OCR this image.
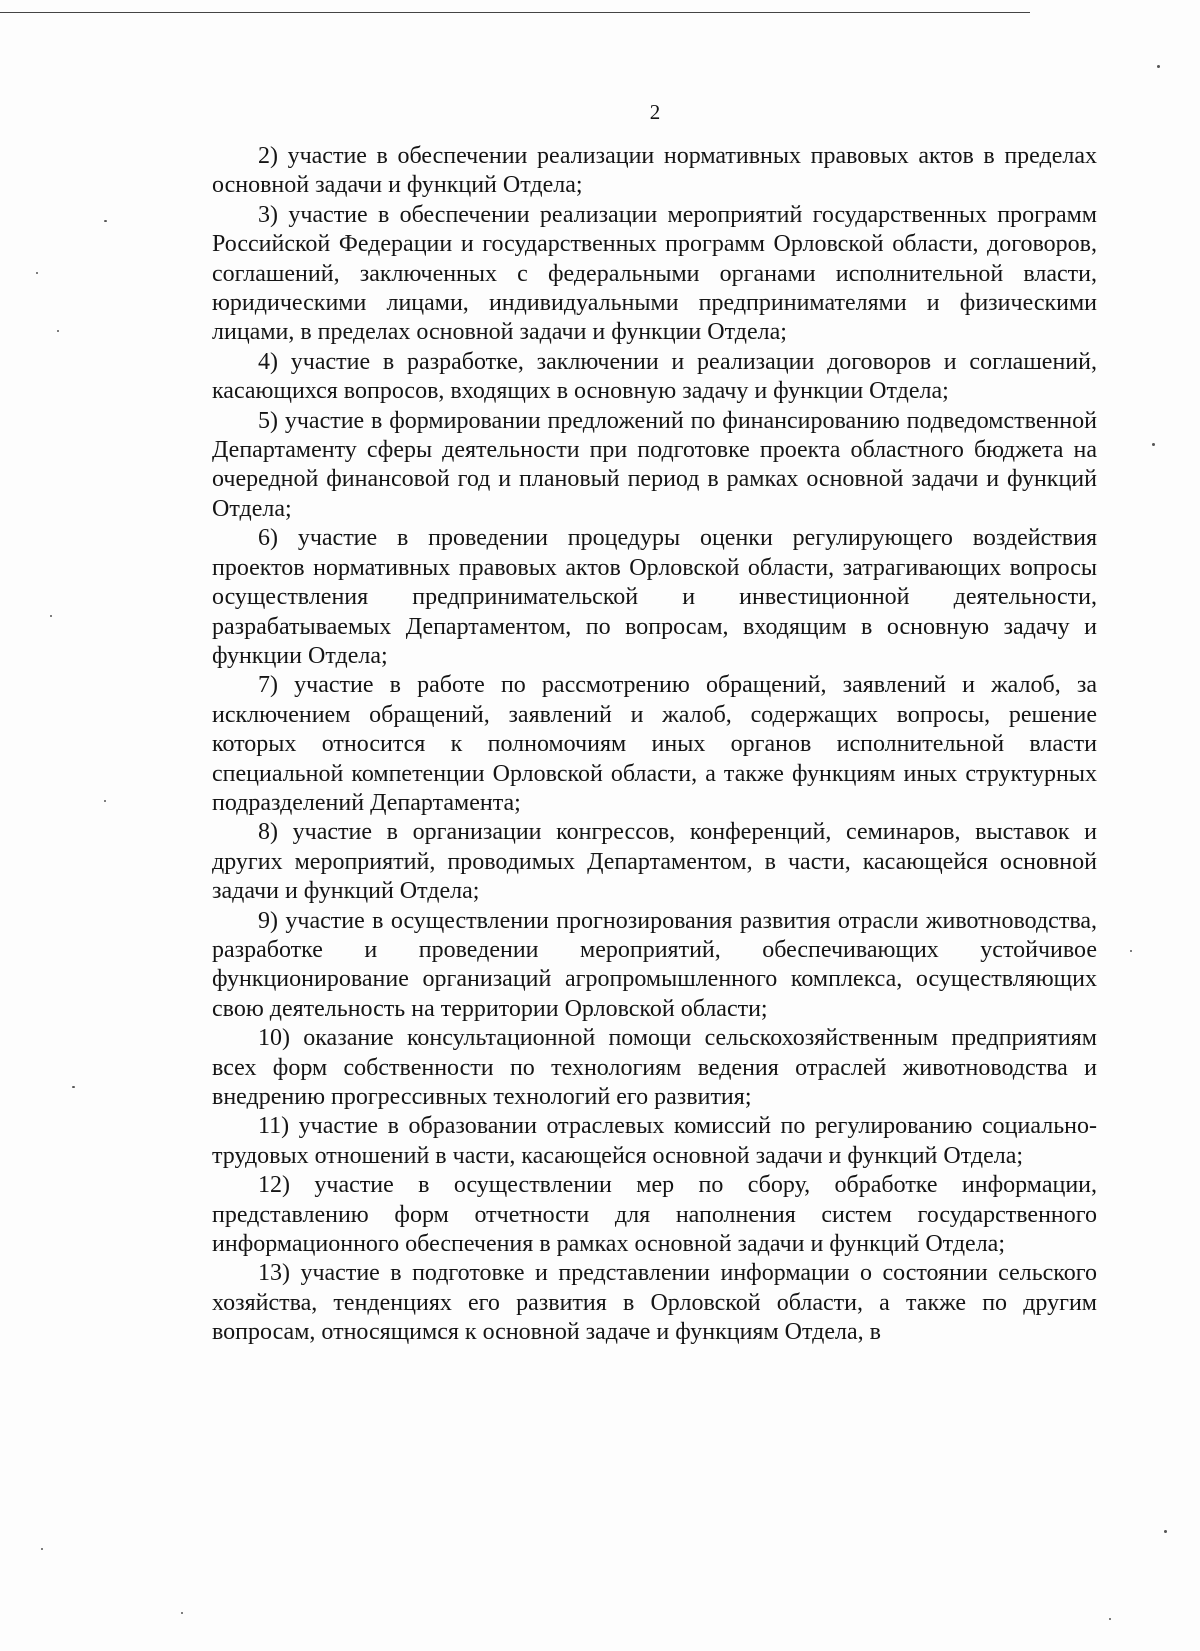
2

2) участие в обеспечении реализации нормативных правовых актов в пределах основной задачи и функций Отдела;

3) участие в обеспечении реализации мероприятий государственных программ Российской Федерации и государственных программ Орловской области, договоров, соглашений, заключенных с федеральными органами исполнительной власти, юридическими лицами, индивидуальными предпринимателями и физическими лицами, в пределах основной задачи и функции Отдела;

4) участие в разработке, заключении и реализации договоров и соглашений, касающихся вопросов, входящих в основную задачу и функции Отдела;

5) участие в формировании предложений по финансированию подведомственной Департаменту сферы деятельности при подготовке проекта областного бюджета на очередной финансовой год и плановый период в рамках основной задачи и функций Отдела;

6) участие в проведении процедуры оценки регулирующего воздействия проектов нормативных правовых актов Орловской области, затрагивающих вопросы осуществления предпринимательской и инвестиционной деятельности, разрабатываемых Департаментом, по вопросам, входящим в основную задачу и функции Отдела;

7) участие в работе по рассмотрению обращений, заявлений и жалоб, за исключением обращений, заявлений и жалоб, содержащих вопросы, решение которых относится к полномочиям иных органов исполнительной власти специальной компетенции Орловской области, а также функциям иных структурных подразделений Департамента;

8) участие в организации конгрессов, конференций, семинаров, выставок и других мероприятий, проводимых Департаментом, в части, касающейся основной задачи и функций Отдела;

9) участие в осуществлении прогнозирования развития отрасли животноводства, разработке и проведении мероприятий, обеспечивающих устойчивое функционирование организаций агропромышленного комплекса, осуществляющих свою деятельность на территории Орловской области;

10) оказание консультационной помощи сельскохозяйственным предприятиям всех форм собственности по технологиям ведения отраслей животноводства и внедрению прогрессивных технологий его развития;

11) участие в образовании отраслевых комиссий по регулированию социально-трудовых отношений в части, касающейся основной задачи и функций Отдела;

12) участие в осуществлении мер по сбору, обработке информации, представлению форм отчетности для наполнения систем государственного информационного обеспечения в рамках основной задачи и функций Отдела;

13) участие в подготовке и представлении информации о состоянии сельского хозяйства, тенденциях его развития в Орловской области, а также по другим вопросам, относящимся к основной задаче и функциям Отдела, в
